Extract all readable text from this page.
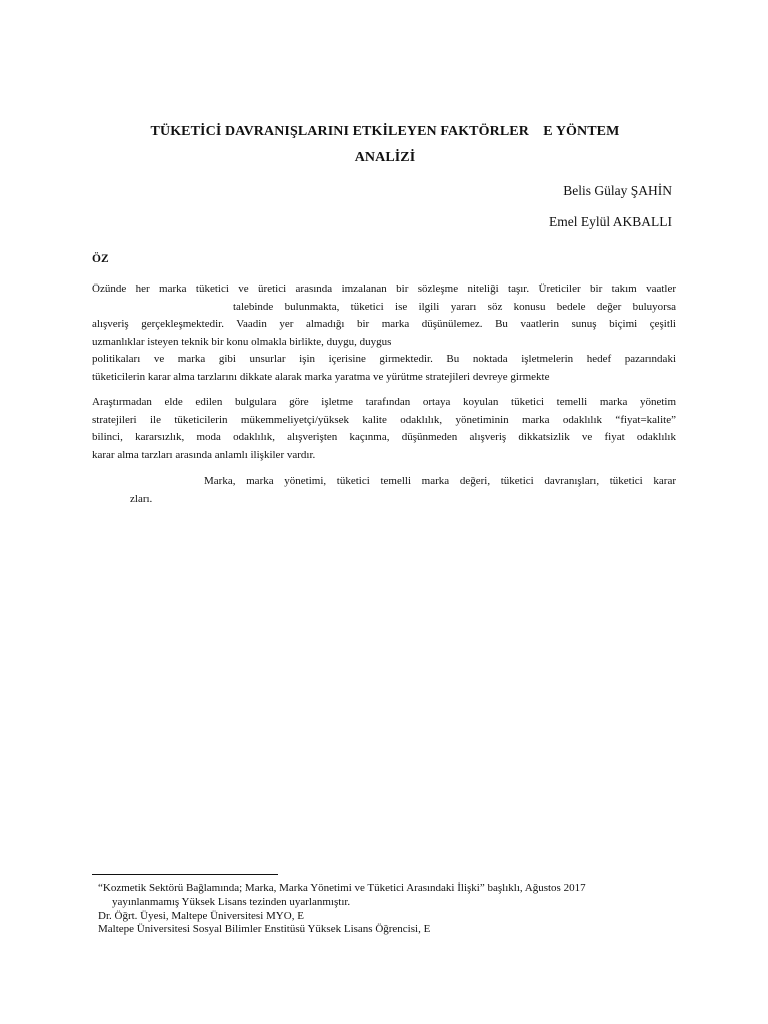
TÜKETİCİ DAVRANIŞLARINI ETKİLEYEN FAKTÖRLER    E YÖNTEM
ANALİZİ
Belis Gülay ŞAHİN
Emel Eylül AKBALLI
ÖZ
Özünde her marka tüketici ve üretici arasında imzalanan bir sözleşme niteliği taşır. Üreticiler bir takım vaatler
talebinde bulunmakta, tüketici ise ilgili yararı söz konusu bedele değer buluyorsa
alışveriş gerçekleşmektedir. Vaadin yer almadığı bir marka düşünülemez. Bu vaatlerin sunuş biçimi çeşitli
uzmanlıklar isteyen teknik bir konu olmakla birlikte, duygu, duygus
politikaları ve marka gibi unsurlar işin içerisine girmektedir. Bu noktada işletmelerin hedef pazarındaki
tüketicilerin karar alma tarzlarını dikkate alarak marka yaratma ve yürütme stratejileri devreye girmekte
Araştırmadan elde edilen bulgulara göre işletme tarafından ortaya koyulan tüketici temelli marka yönetim
stratejileri ile tüketicilerin mükemmeliyetçi/yüksek kalite odaklılık, yönetiminin marka odaklılık “fiyat=kalite”
bilinci, kararsızlık, moda odaklılık, alışverişten kaçınma, düşünmeden alışveriş dikkatsizlik ve fiyat odaklılık
karar alma tarzları arasında anlamlı ilişkiler vardır.
Marka, marka yönetimi, tüketici temelli marka değeri, tüketici davranışları, tüketici karar
zları.
“Kozmetik Sektörü Bağlamında; Marka, Marka Yönetimi ve Tüketici Arasındaki İlişki” başlıklı, Ağustos 2017
yayınlanmamış Yüksek Lisans tezinden uyarlanmıştır.
Dr. Öğrt. Üyesi, Maltepe Üniversitesi MYO, E
Maltepe Üniversitesi Sosyal Bilimler Enstitüsü Yüksek Lisans Öğrencisi, E
